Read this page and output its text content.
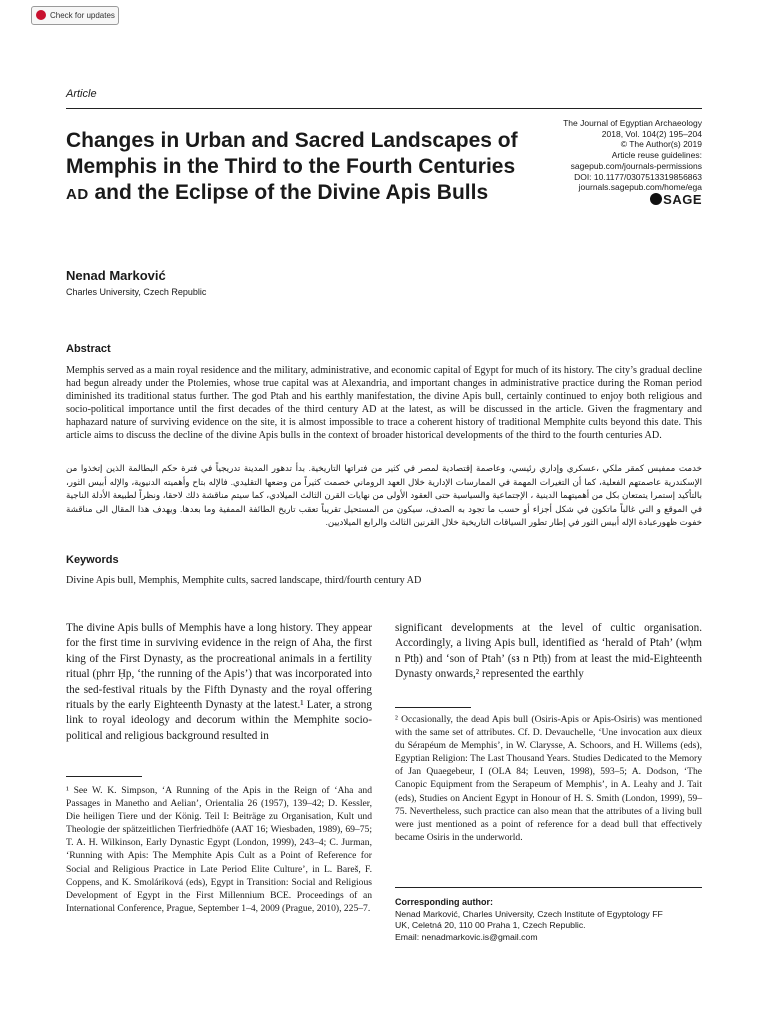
Check for updates
Article
Changes in Urban and Sacred Landscapes of Memphis in the Third to the Fourth Centuries AD and the Eclipse of the Divine Apis Bulls
The Journal of Egyptian Archaeology
2018, Vol. 104(2) 195–204
© The Author(s) 2019
Article reuse guidelines:
sagepub.com/journals-permissions
DOI: 10.1177/0307513319856863
journals.sagepub.com/home/ega
SAGE
Nenad Marković
Charles University, Czech Republic
Abstract
Memphis served as a main royal residence and the military, administrative, and economic capital of Egypt for much of its history. The city’s gradual decline had begun already under the Ptolemies, whose true capital was at Alexandria, and important changes in administrative practice during the Roman period diminished its traditional status further. The god Ptah and his earthly manifestation, the divine Apis bull, certainly continued to enjoy both religious and socio-political importance until the first decades of the third century AD at the latest, as will be discussed in the article. Given the fragmentary and haphazard nature of surviving evidence on the site, it is almost impossible to trace a coherent history of traditional Memphite cults beyond this date. This article aims to discuss the decline of the divine Apis bulls in the context of broader historical developments of the third to the fourth centuries AD.
خدمت ممفيس كمقر ملكي ،عسكري وإداري رئيسي، وعاصمة إقتصادية لمصر في كثير من فتراتها التاريخية. بدأ تدهور المدينة تدريجياً في فترة حكم البطالمة الذين إتخذوا من الإسكندرية عاصمتهم الفعلية، كما أن التغيرات المهمة في الممارسات الإدارية خلال العهد الروماني خصمت كثيراً من وضعها التقليدي. فالإله بتاح وأهميته الدنيوية، والإله أبيس الثور، بالتأكيد إستمرا يتمتعان بكل من أهميتهما الدينية ، الإجتماعية والسياسية حتى العقود الأولى من نهايات القرن الثالث الميلادي، كما سيتم مناقشة ذلك لاحقا، ونظراً لطبيعة الأدلة الناجية في الموقع و التي غالباً ماتكون في شكل أجزاء أو حسب ما تجود به الصدف، سيكون من المستحيل تقريباً تعقب تاريخ الطائفة الممفية وما بعدها. ويهدف هذا المقال الى مناقشة خفوت ظهورعبادة الإله أبيس الثور في إطار تطور السياقات التاريخية خلال القرنين الثالث والرابع الميلاديين.
Keywords
Divine Apis bull, Memphis, Memphite cults, sacred landscape, third/fourth century AD
The divine Apis bulls of Memphis have a long history. They appear for the first time in surviving evidence in the reign of Aha, the first king of the First Dynasty, as the procreational animals in a fertility ritual (phrr Ḥp, ‘the running of the Apis’) that was incorporated into the sed-festival rituals by the Fifth Dynasty and the royal offering rituals by the early Eighteenth Dynasty at the latest.¹ Later, a strong link to royal ideology and decorum within the Memphite socio-political and religious background resulted in
significant developments at the level of cultic organisation. Accordingly, a living Apis bull, identified as ‘herald of Ptah’ (wḥm n Ptḥ) and ‘son of Ptah’ (sꜣ n Ptḥ) from at least the mid-Eighteenth Dynasty onwards,² represented the earthly
¹ See W. K. Simpson, ‘A Running of the Apis in the Reign of ‘Aha and Passages in Manetho and Aelian’, Orientalia 26 (1957), 139–42; D. Kessler, Die heiligen Tiere und der König. Teil I: Beiträge zu Organisation, Kult und Theologie der spätzeitlichen Tierfriedhöfe (AAT 16; Wiesbaden, 1989), 69–75; T. A. H. Wilkinson, Early Dynastic Egypt (London, 1999), 243–4; C. Jurman, ‘Running with Apis: The Memphite Apis Cult as a Point of Reference for Social and Religious Practice in Late Period Elite Culture’, in L. Bareš, F. Coppens, and K. Smoláriková (eds), Egypt in Transition: Social and Religious Development of Egypt in the First Millennium BCE. Proceedings of an International Conference, Prague, September 1–4, 2009 (Prague, 2010), 225–7.
² Occasionally, the dead Apis bull (Osiris-Apis or Apis-Osiris) was mentioned with the same set of attributes. Cf. D. Devauchelle, ‘Une invocation aux dieux du Sérapéum de Memphis’, in W. Clarysse, A. Schoors, and H. Willems (eds), Egyptian Religion: The Last Thousand Years. Studies Dedicated to the Memory of Jan Quaegebeur, I (OLA 84; Leuven, 1998), 593–5; A. Dodson, ‘The Canopic Equipment from the Serapeum of Memphis’, in A. Leahy and J. Tait (eds), Studies on Ancient Egypt in Honour of H. S. Smith (London, 1999), 59–75. Nevertheless, such practice can also mean that the attributes of a living bull were just mentioned as a point of reference for a dead bull that effectively became Osiris in the underworld.
Corresponding author:
Nenad Marković, Charles University, Czech Institute of Egyptology FF
UK, Celetná 20, 110 00 Praha 1, Czech Republic.
Email: nenadmarkovic.is@gmail.com
